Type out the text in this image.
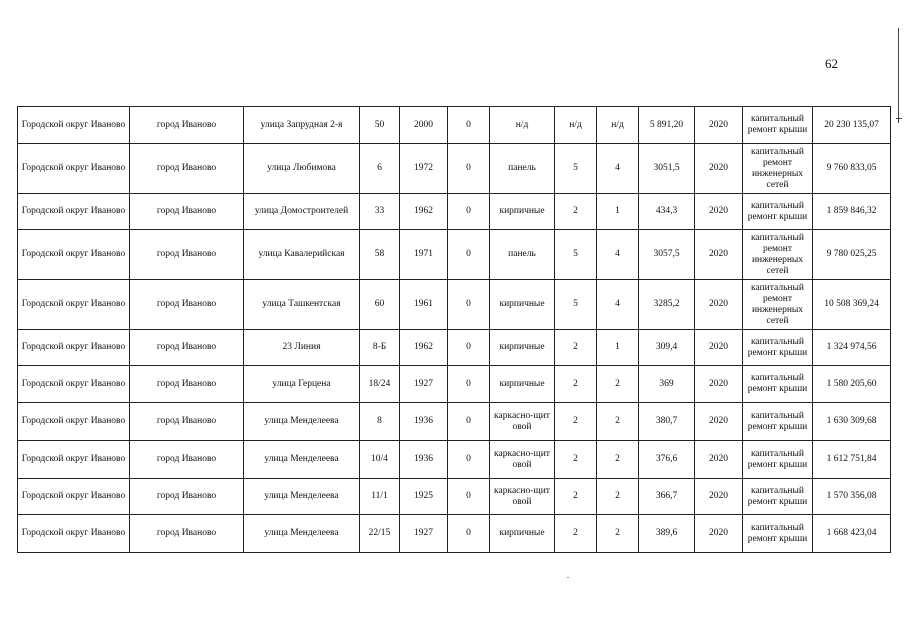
62
Городской округ Иваново	город Иваново	улица Запрудная 2-я	50	2000	0	н/д	н/д	н/д	5 891,20	2020	капитальный ремонт крыши	20 230 135,07
Городской округ Иваново	город Иваново	улица Любимова	6	1972	0	панель	5	4	3051,5	2020	капитальный ремонт инженерных сетей	9 760 833,05
Городской округ Иваново	город Иваново	улица Домостроителей	33	1962	0	кирпичные	2	1	434,3	2020	капитальный ремонт крыши	1 859 846,32
Городской округ Иваново	город Иваново	улица Кавалерийская	58	1971	0	панель	5	4	3057,5	2020	капитальный ремонт инженерных сетей	9 780 025,25
Городской округ Иваново	город Иваново	улица Ташкентская	60	1961	0	кирпичные	5	4	3285,2	2020	капитальный ремонт инженерных сетей	10 508 369,24
Городской округ Иваново	город Иваново	23 Линия	8-Б	1962	0	кирпичные	2	1	309,4	2020	капитальный ремонт крыши	1 324 974,56
Городской округ Иваново	город Иваново	улица Герцена	18/24	1927	0	кирпичные	2	2	369	2020	капитальный ремонт крыши	1 580 205,60
Городской округ Иваново	город Иваново	улица Менделеева	8	1936	0	каркасно-щитовой	2	2	380,7	2020	капитальный ремонт крыши	1 630 309,68
Городской округ Иваново	город Иваново	улица Менделеева	10/4	1936	0	каркасно-щитовой	2	2	376,6	2020	капитальный ремонт крыши	1 612 751,84
Городской округ Иваново	город Иваново	улица Менделеева	11/1	1925	0	каркасно-щитовой	2	2	366,7	2020	капитальный ремонт крыши	1 570 356,08
Городской округ Иваново	город Иваново	улица Менделеева	22/15	1927	0	кирпичные	2	2	389,6	2020	капитальный ремонт крыши	1 668 423,04
